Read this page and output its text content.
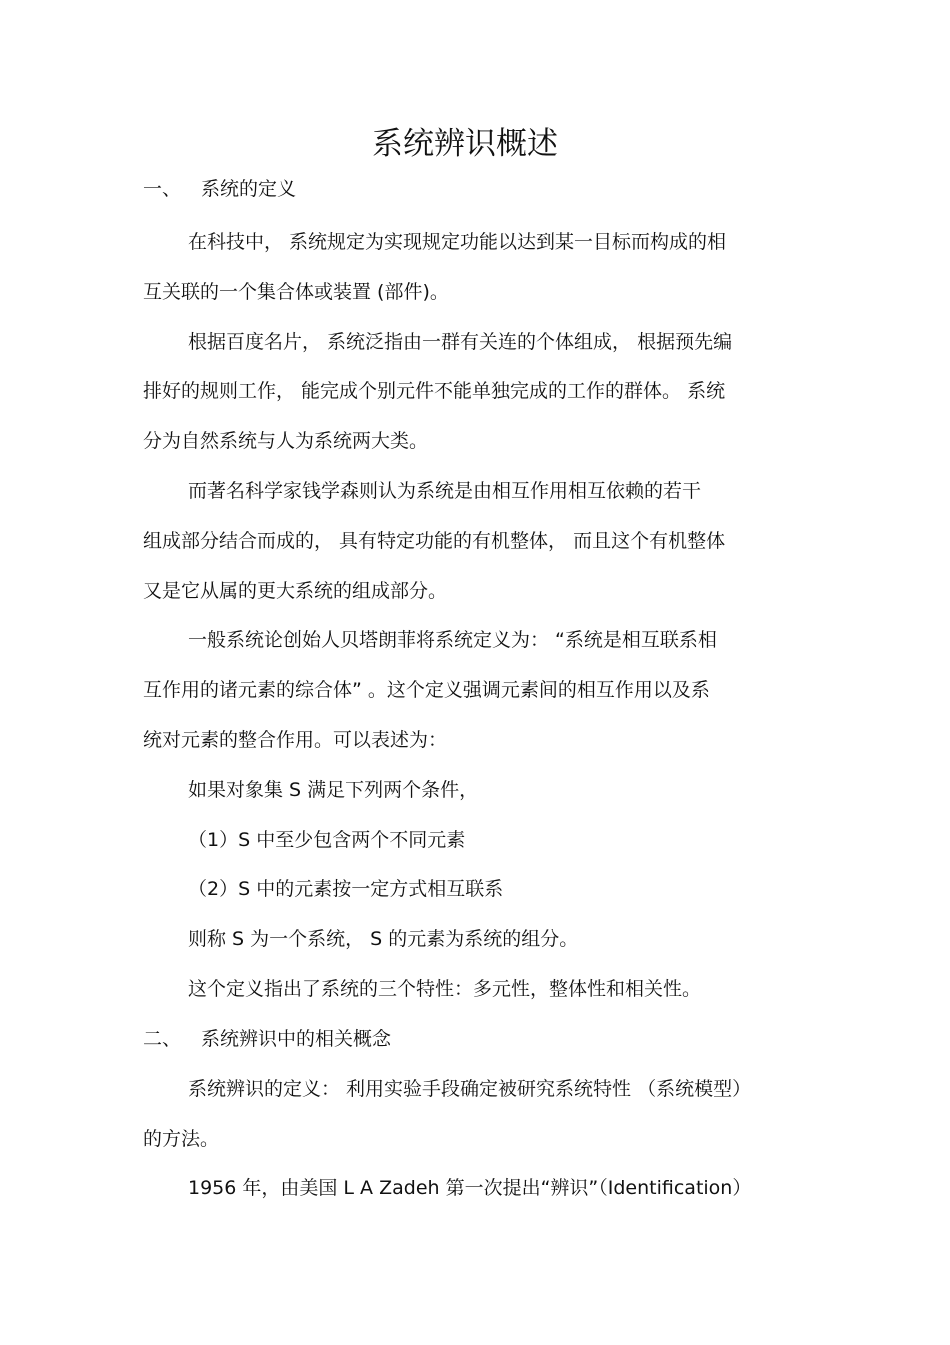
系统辨识概述
一、 系统的定义
在科技中， 系统规定为实现规定功能以达到某一目标而构成的相
互关联的一个集合体或装置 (部件)。
根据百度名片， 系统泛指由一群有关连的个体组成， 根据预先编
排好的规则工作， 能完成个别元件不能单独完成的工作的群体。 系统
分为自然系统与人为系统两大类。
而著名科学家钱学森则认为系统是由相互作用相互依赖的若干
组成部分结合而成的， 具有特定功能的有机整体， 而且这个有机整体
又是它从属的更大系统的组成部分。
一般系统论创始人贝塔朗菲将系统定义为： “系统是相互联系相
互作用的诸元素的综合体” 。这个定义强调元素间的相互作用以及系
统对元素的整合作用。可以表述为：
如果对象集 S 满足下列两个条件，
（1）S 中至少包含两个不同元素
（2）S 中的元素按一定方式相互联系
则称 S 为一个系统， S 的元素为系统的组分。
这个定义指出了系统的三个特性：多元性，整体性和相关性。
二、 系统辨识中的相关概念
系统辨识的定义： 利用实验手段确定被研究系统特性 （系统模型）
的方法。
1956 年，由美国 L A Zadeh 第一次提出“辨识”（Identification）
